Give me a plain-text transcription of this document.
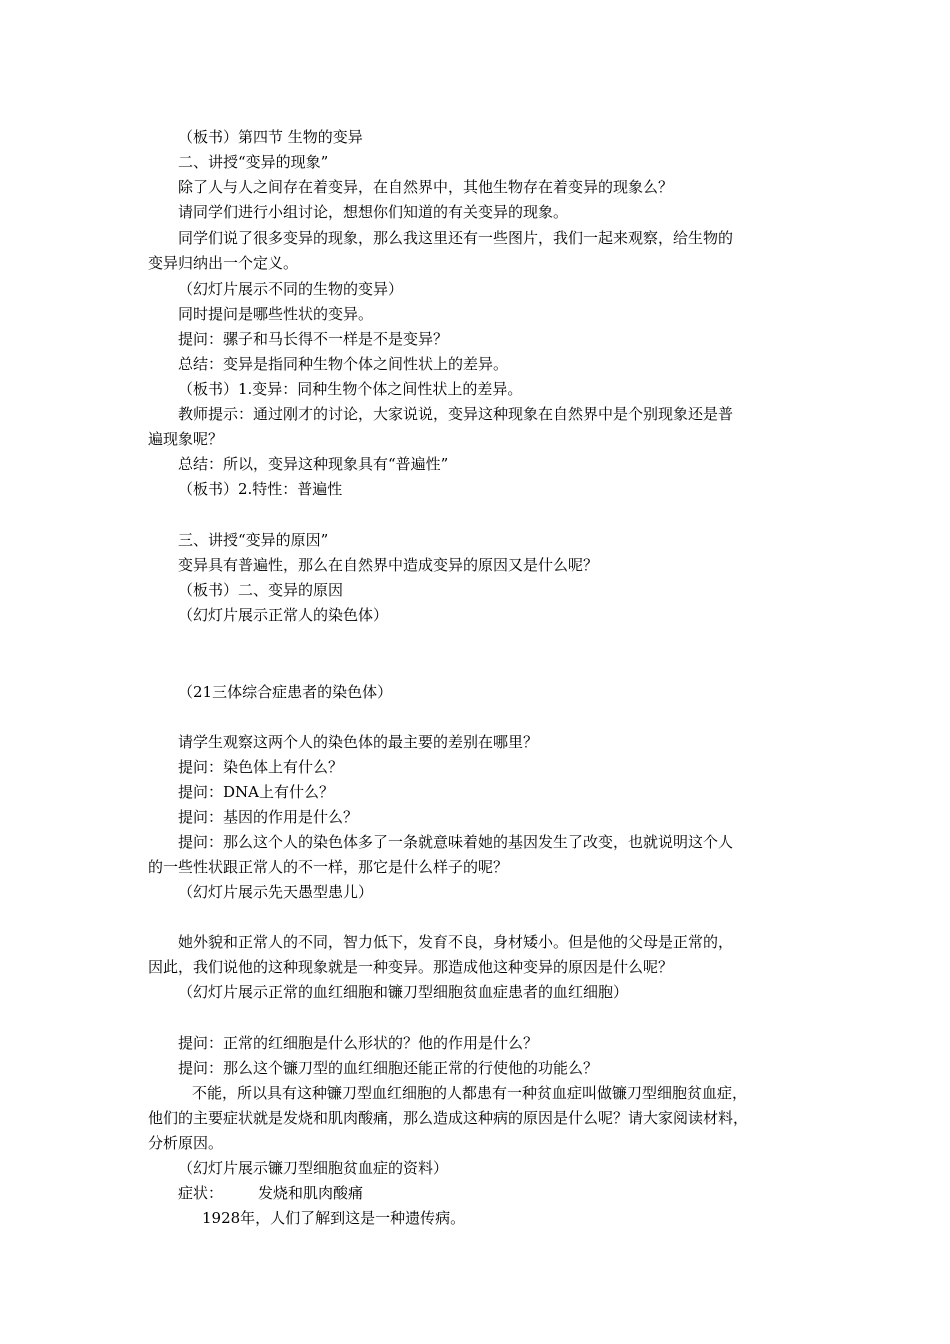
（板书）第四节 生物的变异
二、讲授“变异的现象”
除了人与人之间存在着变异，在自然界中，其他生物存在着变异的现象么？
请同学们进行小组讨论，想想你们知道的有关变异的现象。
同学们说了很多变异的现象，那么我这里还有一些图片，我们一起来观察，给生物的
变异归纳出一个定义。
（幻灯片展示不同的生物的变异）
同时提问是哪些性状的变异。
提问：骡子和马长得不一样是不是变异？
总结：变异是指同种生物个体之间性状上的差异。
（板书）1.变异：同种生物个体之间性状上的差异。
教师提示：通过刚才的讨论，大家说说，变异这种现象在自然界中是个别现象还是普
遍现象呢？
总结：所以，变异这种现象具有“普遍性”
（板书）2.特性：普遍性
三、讲授“变异的原因”
变异具有普遍性，那么在自然界中造成变异的原因又是什么呢？
（板书）二、变异的原因
（幻灯片展示正常人的染色体）
（21三体综合症患者的染色体）
请学生观察这两个人的染色体的最主要的差别在哪里？
提问：染色体上有什么？
提问：DNA上有什么？
提问：基因的作用是什么？
提问：那么这个人的染色体多了一条就意味着她的基因发生了改变，也就说明这个人
的一些性状跟正常人的不一样，那它是什么样子的呢？
（幻灯片展示先天愚型患儿）
她外貌和正常人的不同，智力低下，发育不良，身材矮小。但是他的父母是正常的，
因此，我们说他的这种现象就是一种变异。那造成他这种变异的原因是什么呢？
（幻灯片展示正常的血红细胞和镰刀型细胞贫血症患者的血红细胞）
提问：正常的红细胞是什么形状的？他的作用是什么？
提问：那么这个镰刀型的血红细胞还能正常的行使他的功能么？
不能，所以具有这种镰刀型血红细胞的人都患有一种贫血症叫做镰刀型细胞贫血症，
他们的主要症状就是发烧和肌肉酸痛，那么造成这种病的原因是什么呢？请大家阅读材料，
分析原因。
（幻灯片展示镰刀型细胞贫血症的资料）
症状： 发烧和肌肉酸痛
1928年，人们了解到这是一种遗传病。
